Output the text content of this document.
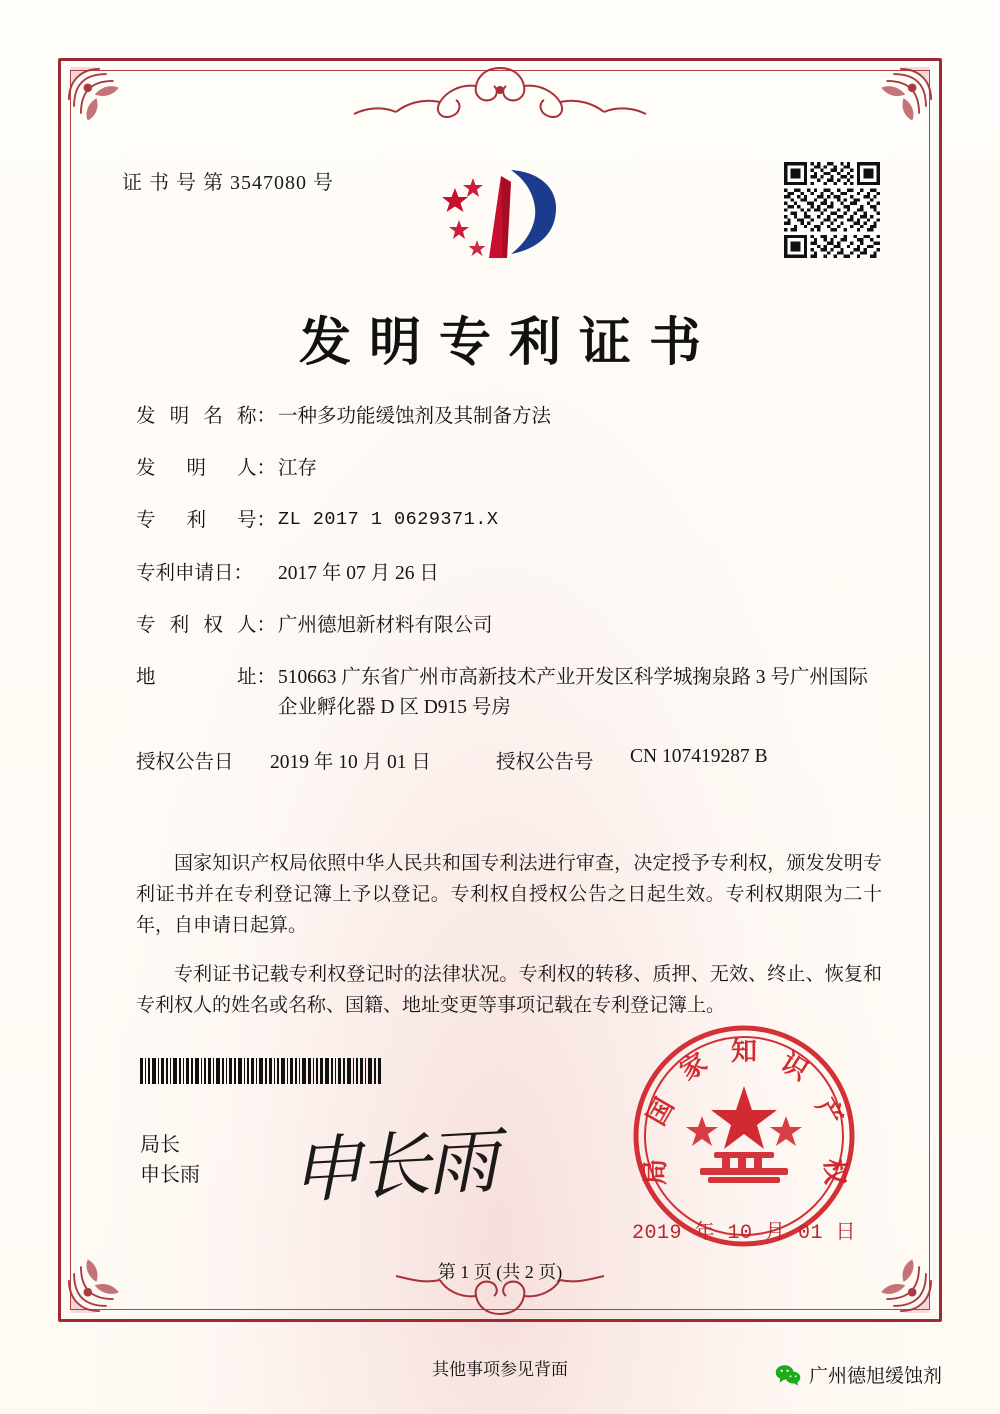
证 书 号 第 3547080 号
发明专利证书
发 明 名 称： 一种多功能缓蚀剂及其制备方法
发 明 人： 江存
专 利 号： ZL 2017 1 0629371.X
专利申请日： 2017 年 07 月 26 日
专 利 权 人： 广州德旭新材料有限公司
地	址： 510663 广东省广州市高新技术产业开发区科学城掬泉路 3 号广州国际企业孵化器 D 区 D915 号房
授权公告日	2019 年 10 月 01 日	授权公告号	CN 107419287 B

国家知识产权局依照中华人民共和国专利法进行审查，决定授予专利权，颁发发明专利证书并在专利登记簿上予以登记。专利权自授权公告之日起生效。专利权期限为二十年，自申请日起算。

专利证书记载专利权登记时的法律状况。专利权的转移、质押、无效、终止、恢复和专利权人的姓名或名称、国籍、地址变更等事项记载在专利登记簿上。

局长
申长雨 申长雨
知
家
国
局
识
产
权
2019 年 10 月 01 日
第 1 页 (共 2 页)
其他事项参见背面	广州德旭缓蚀剂
